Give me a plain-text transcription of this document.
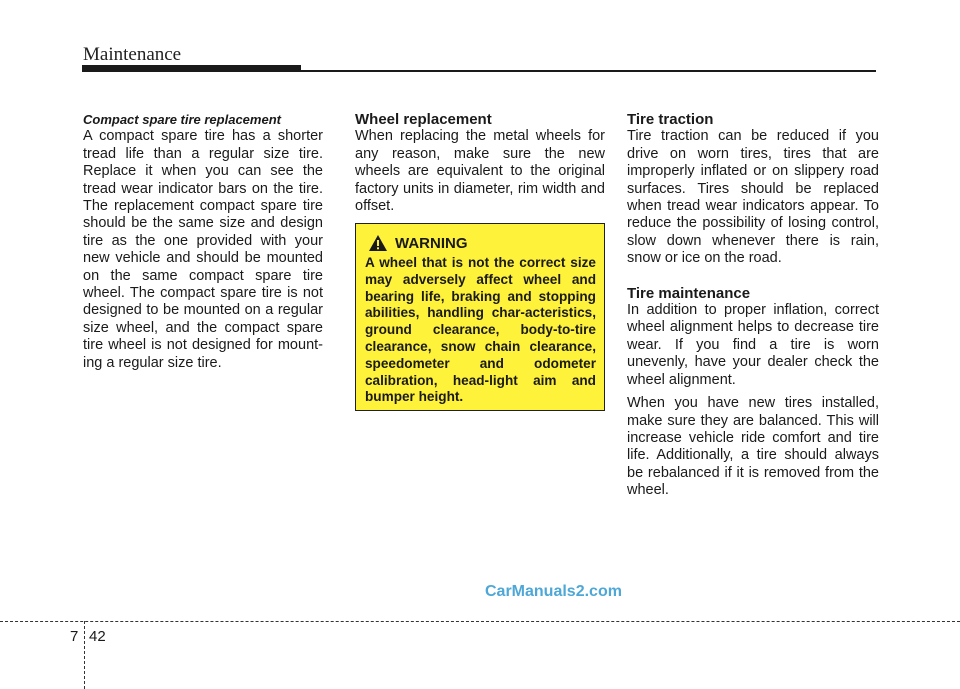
Maintenance

Compact spare tire replacement

A compact spare tire has a shorter tread life than a regular size tire. Replace it when you can see the tread wear indicator bars on the tire. The replacement compact spare tire should be the same size and design tire as the one provided with your new vehicle and should be mounted on the same compact spare tire wheel. The compact spare tire is not designed to be mounted on a regular size wheel, and the compact spare tire wheel is not designed for mount-ing a regular size tire.

Wheel replacement

When replacing the metal wheels for any reason, make sure the new wheels are equivalent to the original factory units in diameter, rim width and offset.

WARNING

A wheel that is not the correct size may adversely affect wheel and bearing life, braking and stopping abilities, handling char-acteristics, ground clearance, body-to-tire clearance, snow chain clearance, speedometer and odometer calibration, head-light aim and bumper height.

Tire traction

Tire traction can be reduced if you drive on worn tires, tires that are improperly inflated or on slippery road surfaces. Tires should be replaced when tread wear indicators appear. To reduce the possibility of losing control, slow down whenever there is rain, snow or ice on the road.

Tire maintenance

In addition to proper inflation, correct wheel alignment helps to decrease tire wear. If you find a tire is worn unevenly, have your dealer check the wheel alignment.

When you have new tires installed, make sure they are balanced. This will increase vehicle ride comfort and tire life. Additionally, a tire should always be rebalanced if it is removed from the wheel.

CarManuals2.com
7 42
